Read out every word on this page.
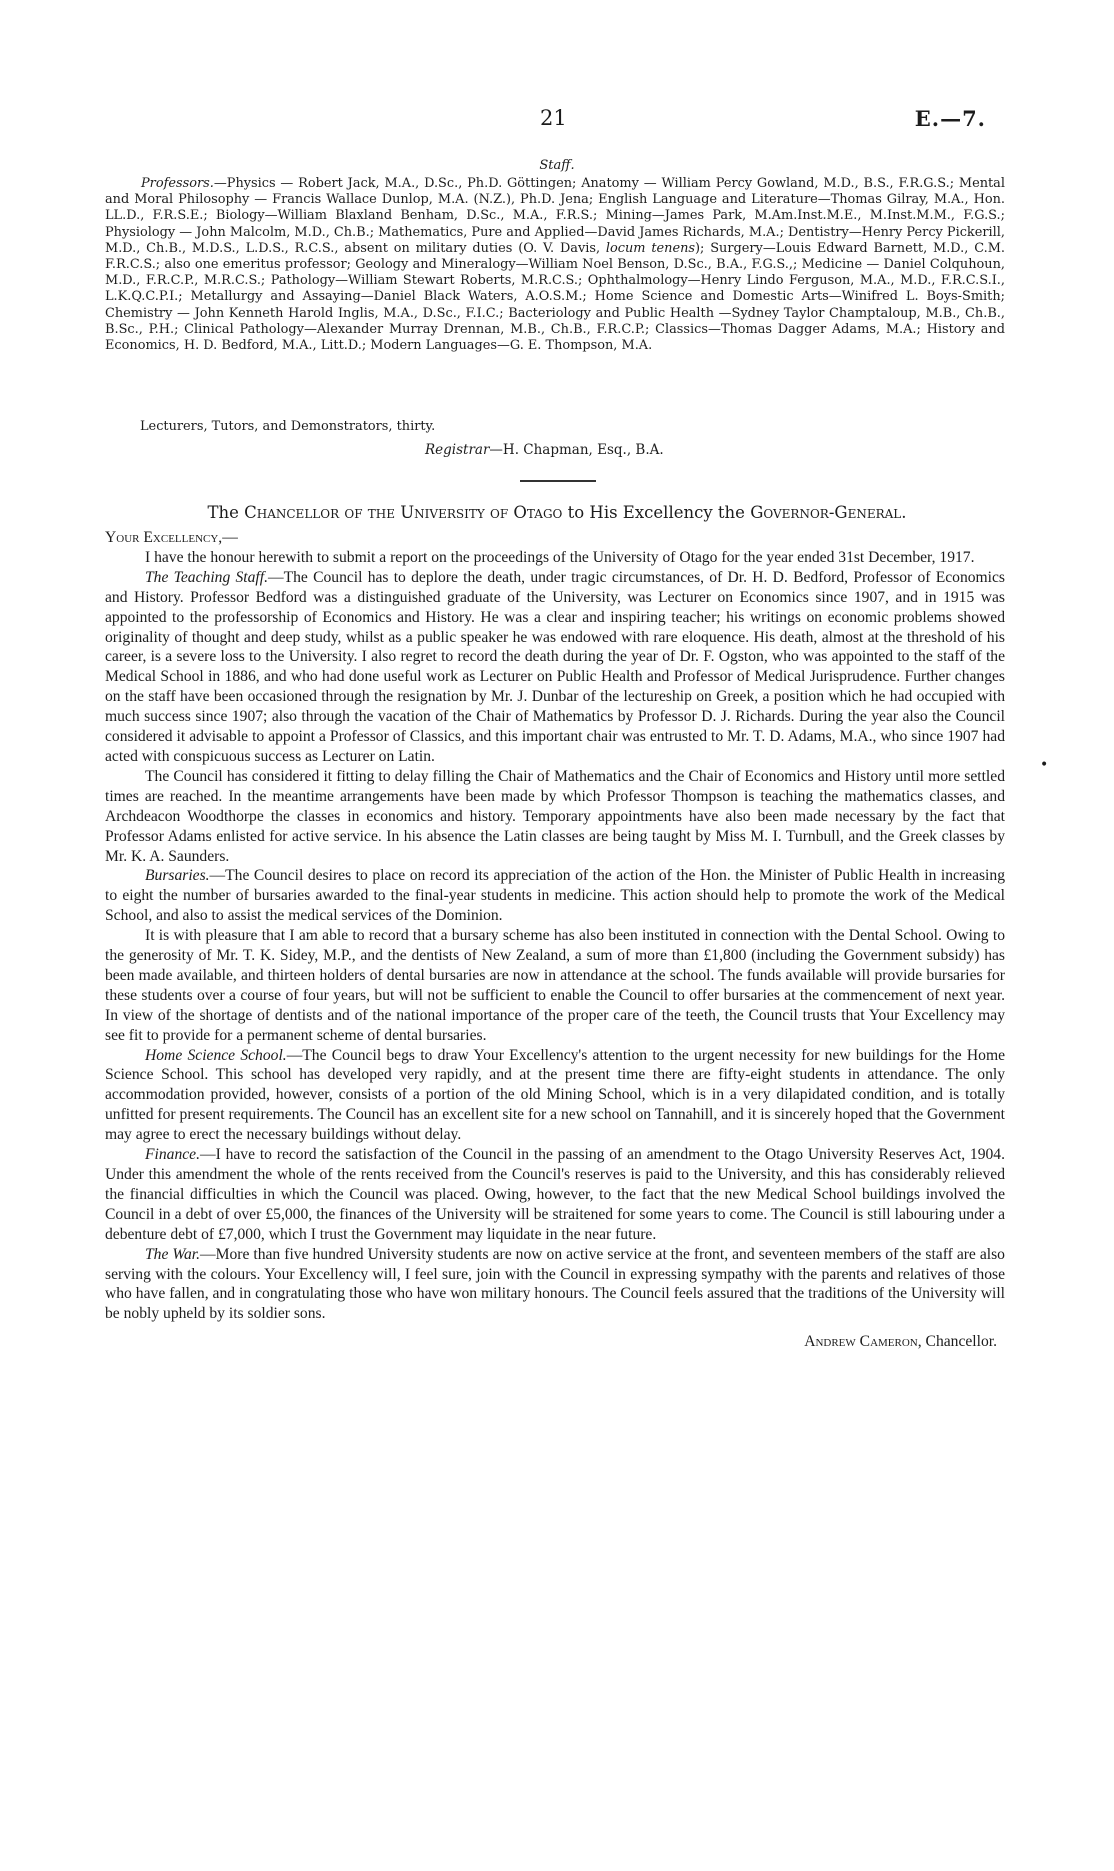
21	E.—7.
Staff.

Professors.—Physics — Robert Jack, M.A., D.Sc., Ph.D. Göttingen; Anatomy — William Percy Gowland, M.D., B.S., F.R.G.S.; Mental and Moral Philosophy — Francis Wallace Dunlop, M.A. (N.Z.), Ph.D. Jena; English Language and Literature—Thomas Gilray, M.A., Hon. LL.D., F.R.S.E.; Biology—William Blaxland Benham, D.Sc., M.A., F.R.S.; Mining—James Park, M.Am.Inst.M.E., M.Inst.M.M., F.G.S.; Physiology — John Malcolm, M.D., Ch.B.; Mathematics, Pure and Applied—David James Richards, M.A.; Dentistry—Henry Percy Pickerill, M.D., Ch.B., M.D.S., L.D.S., R.C.S., absent on military duties (O. V. Davis, locum tenens); Surgery—Louis Edward Barnett, M.D., C.M. F.R.C.S.; also one emeritus professor; Geology and Mineralogy—William Noel Benson, D.Sc., B.A., F.G.S.,; Medicine — Daniel Colquhoun, M.D., F.R.C.P., M.R.C.S.; Pathology—William Stewart Roberts, M.R.C.S.; Ophthalmology—Henry Lindo Ferguson, M.A., M.D., F.R.C.S.I., L.K.Q.C.P.I.; Metallurgy and Assaying—Daniel Black Waters, A.O.S.M.; Home Science and Domestic Arts—Winifred L. Boys-Smith; Chemistry — John Kenneth Harold Inglis, M.A., D.Sc., F.I.C.; Bacteriology and Public Health —Sydney Taylor Champtaloup, M.B., Ch.B., B.Sc., P.H.; Clinical Pathology—Alexander Murray Drennan, M.B., Ch.B., F.R.C.P.; Classics—Thomas Dagger Adams, M.A.; History and Economics, H. D. Bedford, M.A., Litt.D.; Modern Languages—G. E. Thompson, M.A.

Lecturers, Tutors, and Demonstrators, thirty.
Registrar—H. Chapman, Esq., B.A.
The Chancellor of the University of Otago to His Excellency the Governor-General.

Your Excellency,—

I have the honour herewith to submit a report on the proceedings of the University of Otago for the year ended 31st December, 1917.

The Teaching Staff.—The Council has to deplore the death, under tragic circumstances, of Dr. H. D. Bedford, Professor of Economics and History. Professor Bedford was a distinguished graduate of the University, was Lecturer on Economics since 1907, and in 1915 was appointed to the professorship of Economics and History. He was a clear and inspiring teacher; his writings on economic problems showed originality of thought and deep study, whilst as a public speaker he was endowed with rare eloquence. His death, almost at the threshold of his career, is a severe loss to the University. I also regret to record the death during the year of Dr. F. Ogston, who was appointed to the staff of the Medical School in 1886, and who had done useful work as Lecturer on Public Health and Professor of Medical Jurisprudence. Further changes on the staff have been occasioned through the resignation by Mr. J. Dunbar of the lectureship on Greek, a position which he had occupied with much success since 1907; also through the vacation of the Chair of Mathematics by Professor D. J. Richards. During the year also the Council considered it advisable to appoint a Professor of Classics, and this important chair was entrusted to Mr. T. D. Adams, M.A., who since 1907 had acted with conspicuous success as Lecturer on Latin.

The Council has considered it fitting to delay filling the Chair of Mathematics and the Chair of Economics and History until more settled times are reached. In the meantime arrangements have been made by which Professor Thompson is teaching the mathematics classes, and Archdeacon Woodthorpe the classes in economics and history. Temporary appointments have also been made necessary by the fact that Professor Adams enlisted for active service. In his absence the Latin classes are being taught by Miss M. I. Turnbull, and the Greek classes by Mr. K. A. Saunders.

Bursaries.—The Council desires to place on record its appreciation of the action of the Hon. the Minister of Public Health in increasing to eight the number of bursaries awarded to the final-year students in medicine. This action should help to promote the work of the Medical School, and also to assist the medical services of the Dominion.

It is with pleasure that I am able to record that a bursary scheme has also been instituted in connection with the Dental School. Owing to the generosity of Mr. T. K. Sidey, M.P., and the dentists of New Zealand, a sum of more than £1,800 (including the Government subsidy) has been made available, and thirteen holders of dental bursaries are now in attendance at the school. The funds available will provide bursaries for these students over a course of four years, but will not be sufficient to enable the Council to offer bursaries at the commencement of next year. In view of the shortage of dentists and of the national importance of the proper care of the teeth, the Council trusts that Your Excellency may see fit to provide for a permanent scheme of dental bursaries.

Home Science School.—The Council begs to draw Your Excellency's attention to the urgent necessity for new buildings for the Home Science School. This school has developed very rapidly, and at the present time there are fifty-eight students in attendance. The only accommodation provided, however, consists of a portion of the old Mining School, which is in a very dilapidated condition, and is totally unfitted for present requirements. The Council has an excellent site for a new school on Tannahill, and it is sincerely hoped that the Government may agree to erect the necessary buildings without delay.

Finance.—I have to record the satisfaction of the Council in the passing of an amendment to the Otago University Reserves Act, 1904. Under this amendment the whole of the rents received from the Council's reserves is paid to the University, and this has considerably relieved the financial difficulties in which the Council was placed. Owing, however, to the fact that the new Medical School buildings involved the Council in a debt of over £5,000, the finances of the University will be straitened for some years to come. The Council is still labouring under a debenture debt of £7,000, which I trust the Government may liquidate in the near future.

The War.—More than five hundred University students are now on active service at the front, and seventeen members of the staff are also serving with the colours. Your Excellency will, I feel sure, join with the Council in expressing sympathy with the parents and relatives of those who have fallen, and in congratulating those who have won military honours. The Council feels assured that the traditions of the University will be nobly upheld by its soldier sons.

Andrew Cameron, Chancellor.
•
